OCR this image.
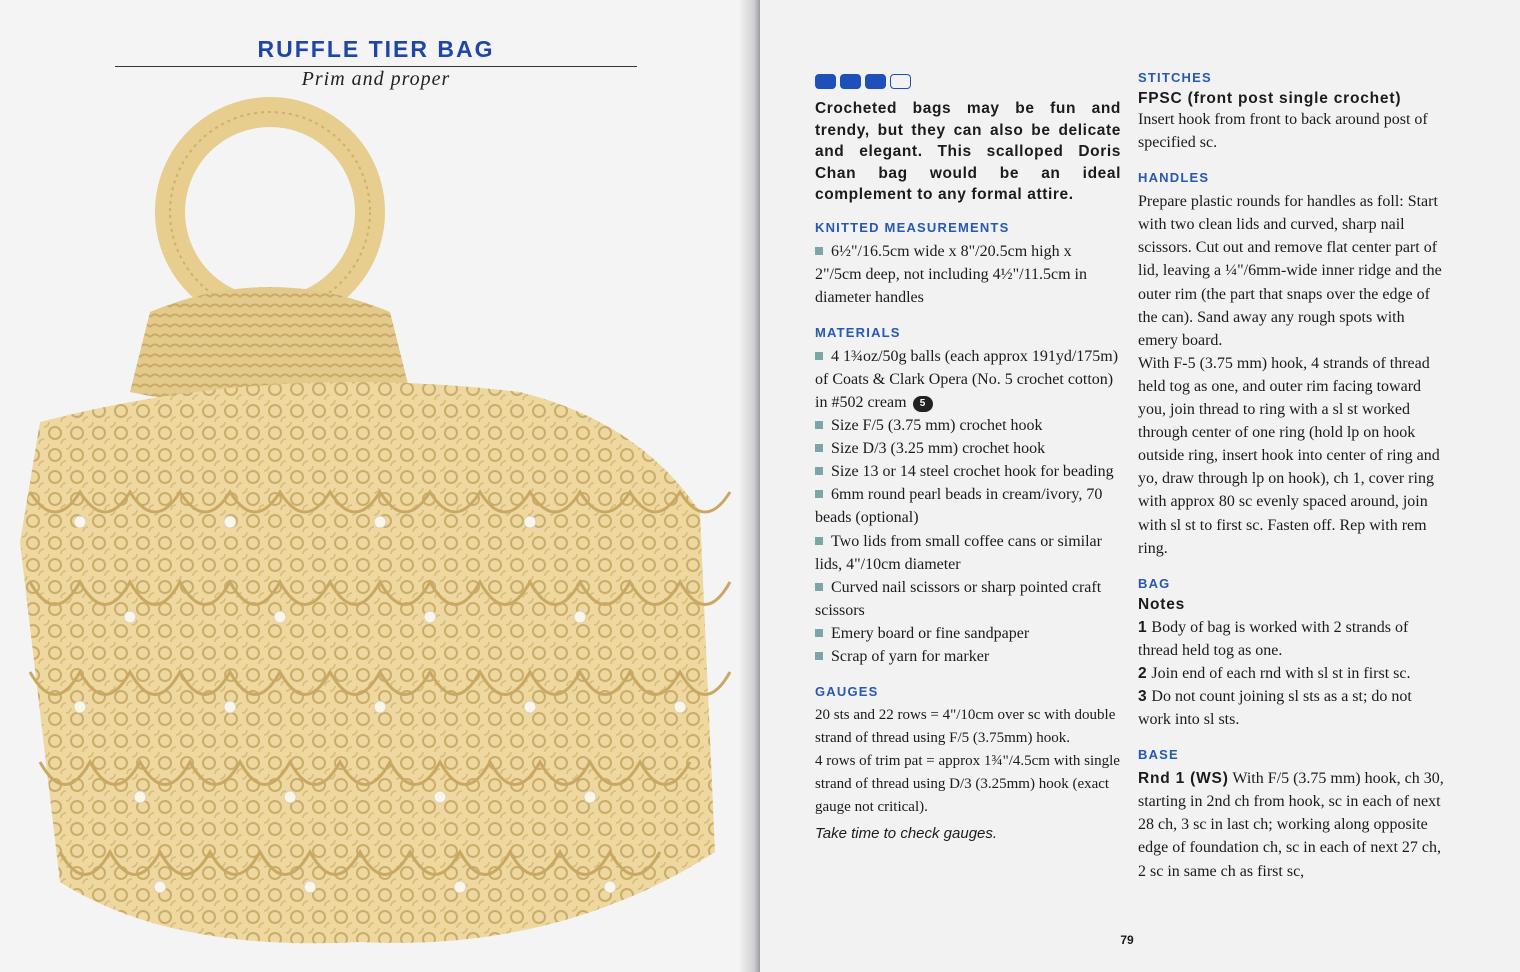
RUFFLE TIER BAG
Prim and proper

Crocheted bags may be fun and trendy, but they can also be delicate and elegant. This scalloped Doris Chan bag would be an ideal complement to any formal attire.

KNITTED MEASUREMENTS

6½"/16.5cm wide x 8"/20.5cm high x 2"/5cm deep, not including 4½"/11.5cm in diameter handles

MATERIALS

4 1¾oz/50g balls (each approx 191yd/175m) of Coats & Clark Opera (No. 5 crochet cotton) in #502 cream 5

Size F/5 (3.75 mm) crochet hook

Size D/3 (3.25 mm) crochet hook

Size 13 or 14 steel crochet hook for beading

6mm round pearl beads in cream/ivory, 70 beads (optional)

Two lids from small coffee cans or similar lids, 4"/10cm diameter

Curved nail scissors or sharp pointed craft scissors

Emery board or fine sandpaper

Scrap of yarn for marker

GAUGES

20 sts and 22 rows = 4"/10cm over sc with double strand of thread using F/5 (3.75mm) hook.

4 rows of trim pat = approx 1¾"/4.5cm with single strand of thread using D/3 (3.25mm) hook (exact gauge not critical).

Take time to check gauges.

STITCHES
FPSC (front post single crochet)

Insert hook from front to back around post of specified sc.

HANDLES

Prepare plastic rounds for handles as foll: Start with two clean lids and curved, sharp nail scissors. Cut out and remove flat center part of lid, leaving a ¼"/6mm-wide inner ridge and the outer rim (the part that snaps over the edge of the can). Sand away any rough spots with emery board.

With F-5 (3.75 mm) hook, 4 strands of thread held tog as one, and outer rim facing toward you, join thread to ring with a sl st worked through center of one ring (hold lp on hook outside ring, insert hook into center of ring and yo, draw through lp on hook), ch 1, cover ring with approx 80 sc evenly spaced around, join with sl st to first sc. Fasten off. Rep with rem ring.

BAG
Notes

1 Body of bag is worked with 2 strands of thread held tog as one.

2 Join end of each rnd with sl st in first sc.

3 Do not count joining sl sts as a st; do not work into sl sts.

BASE

Rnd 1 (WS) With F/5 (3.75 mm) hook, ch 30, starting in 2nd ch from hook, sc in each of next 28 ch, 3 sc in last ch; working along opposite edge of foundation ch, sc in each of next 27 ch, 2 sc in same ch as first sc,

79
